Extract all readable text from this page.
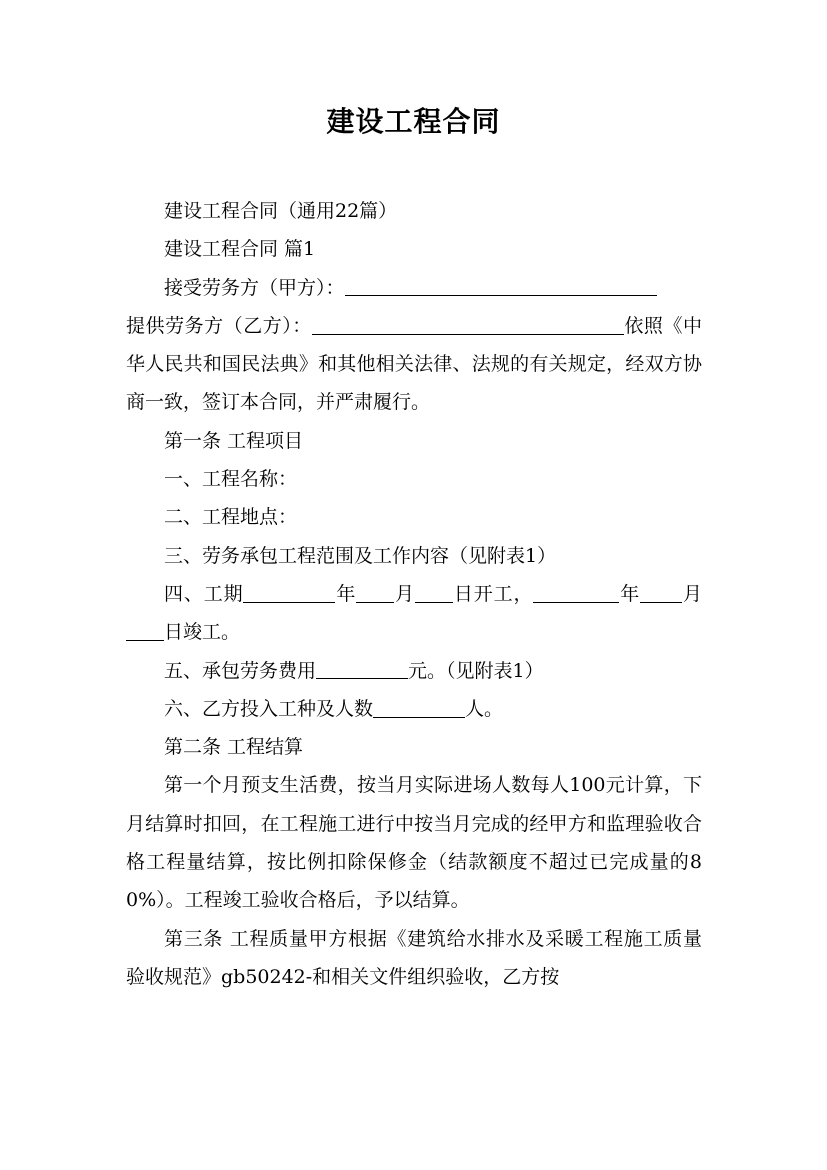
建设工程合同

建设工程合同（通用22篇）

建设工程合同 篇1

接受劳务方（甲方）：

提供劳务方（乙方）：	依照《中华人民共和国民法典》和其他相关法律、法规的有关规定，经双方协商一致，签订本合同，并严肃履行。

第一条 工程项目

一、工程名称：

二、工程地点：

三、劳务承包工程范围及工作内容（见附表1）

四、工期	年 月 日开工，	年 月日竣工。

五、承包劳务费用	元。（见附表1）

六、乙方投入工种及人数	人。

第二条 工程结算

第一个月预支生活费，按当月实际进场人数每人100元计算，下月结算时扣回，在工程施工进行中按当月完成的经甲方和监理验收合格工程量结算，按比例扣除保修金（结款额度不超过已完成量的80%）。工程竣工验收合格后，予以结算。

第三条 工程质量甲方根据《建筑给水排水及采暖工程施工质量验收规范》gb50242-和相关文件组织验收，乙方按
